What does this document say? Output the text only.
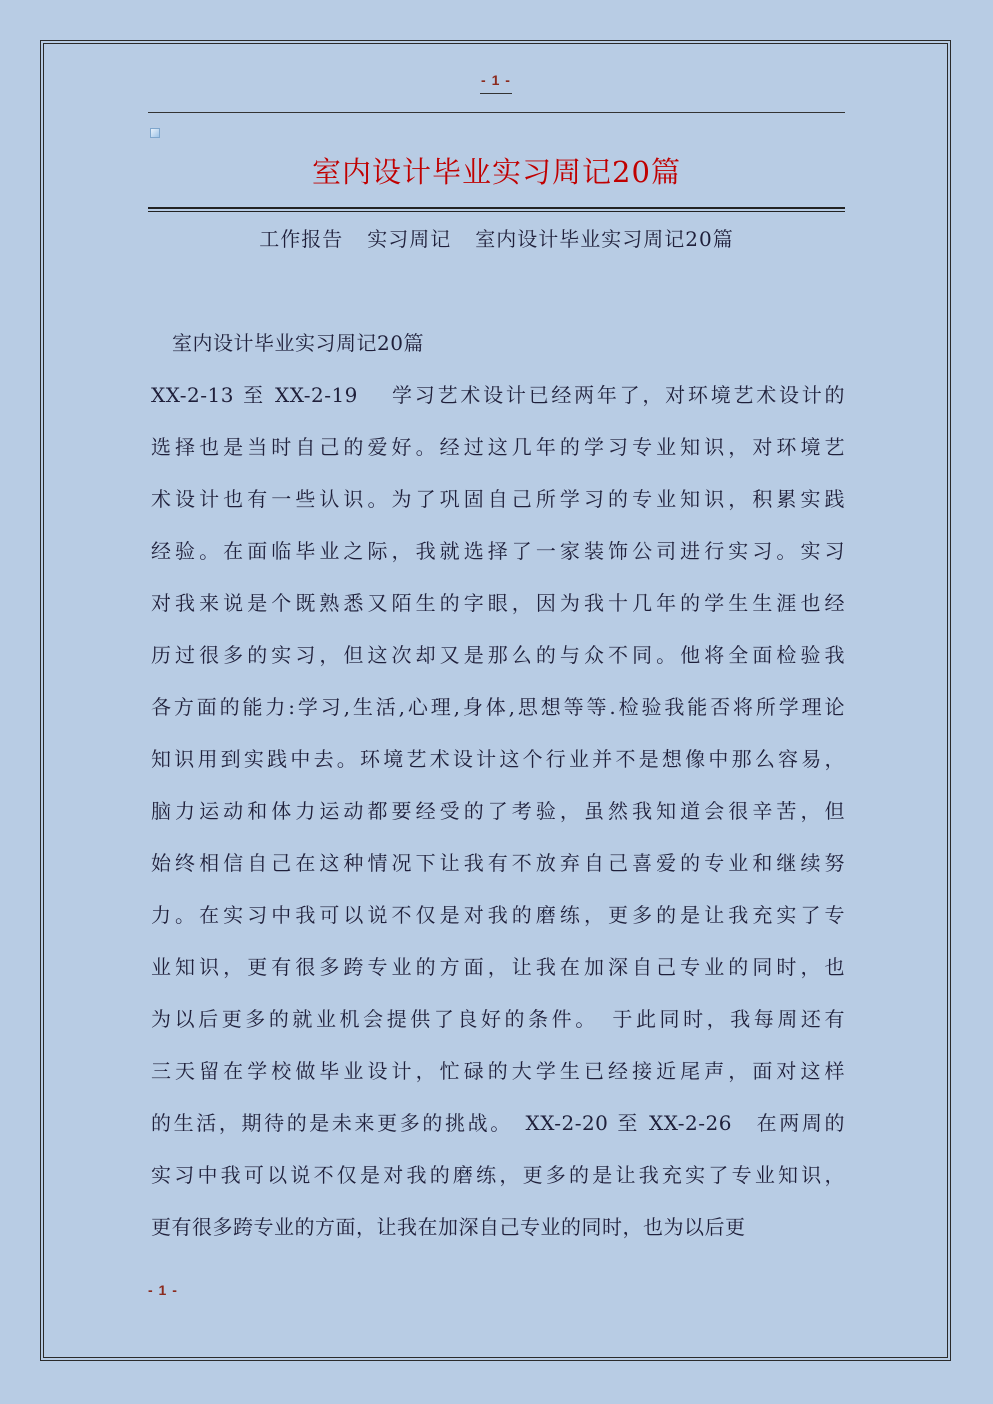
- 1 -
室内设计毕业实习周记20篇
工作报告 实习周记 室内设计毕业实习周记20篇
室内设计毕业实习周记20篇
XX-2-13 至 XX-2-19　 学习艺术设计已经两年了，对环境艺术设计的
选择也是当时自己的爱好。经过这几年的学习专业知识，对环境艺
术设计也有一些认识。为了巩固自己所学习的专业知识，积累实践
经验。在面临毕业之际，我就选择了一家装饰公司进行实习。实习
对我来说是个既熟悉又陌生的字眼，因为我十几年的学生生涯也经
历过很多的实习，但这次却又是那么的与众不同。他将全面检验我
各方面的能力:学习,生活,心理,身体,思想等等.检验我能否将所学理论
知识用到实践中去。环境艺术设计这个行业并不是想像中那么容易，
脑力运动和体力运动都要经受的了考验，虽然我知道会很辛苦，但
始终相信自己在这种情况下让我有不放弃自己喜爱的专业和继续努
力。在实习中我可以说不仅是对我的磨练，更多的是让我充实了专
业知识，更有很多跨专业的方面，让我在加深自己专业的同时，也
为以后更多的就业机会提供了良好的条件。　于此同时，我每周还有
三天留在学校做毕业设计，忙碌的大学生已经接近尾声，面对这样
的生活，期待的是未来更多的挑战。　XX-2-20 至 XX-2-26　在两周的
实习中我可以说不仅是对我的磨练，更多的是让我充实了专业知识，
更有很多跨专业的方面，让我在加深自己专业的同时，也为以后更
- 1 -
